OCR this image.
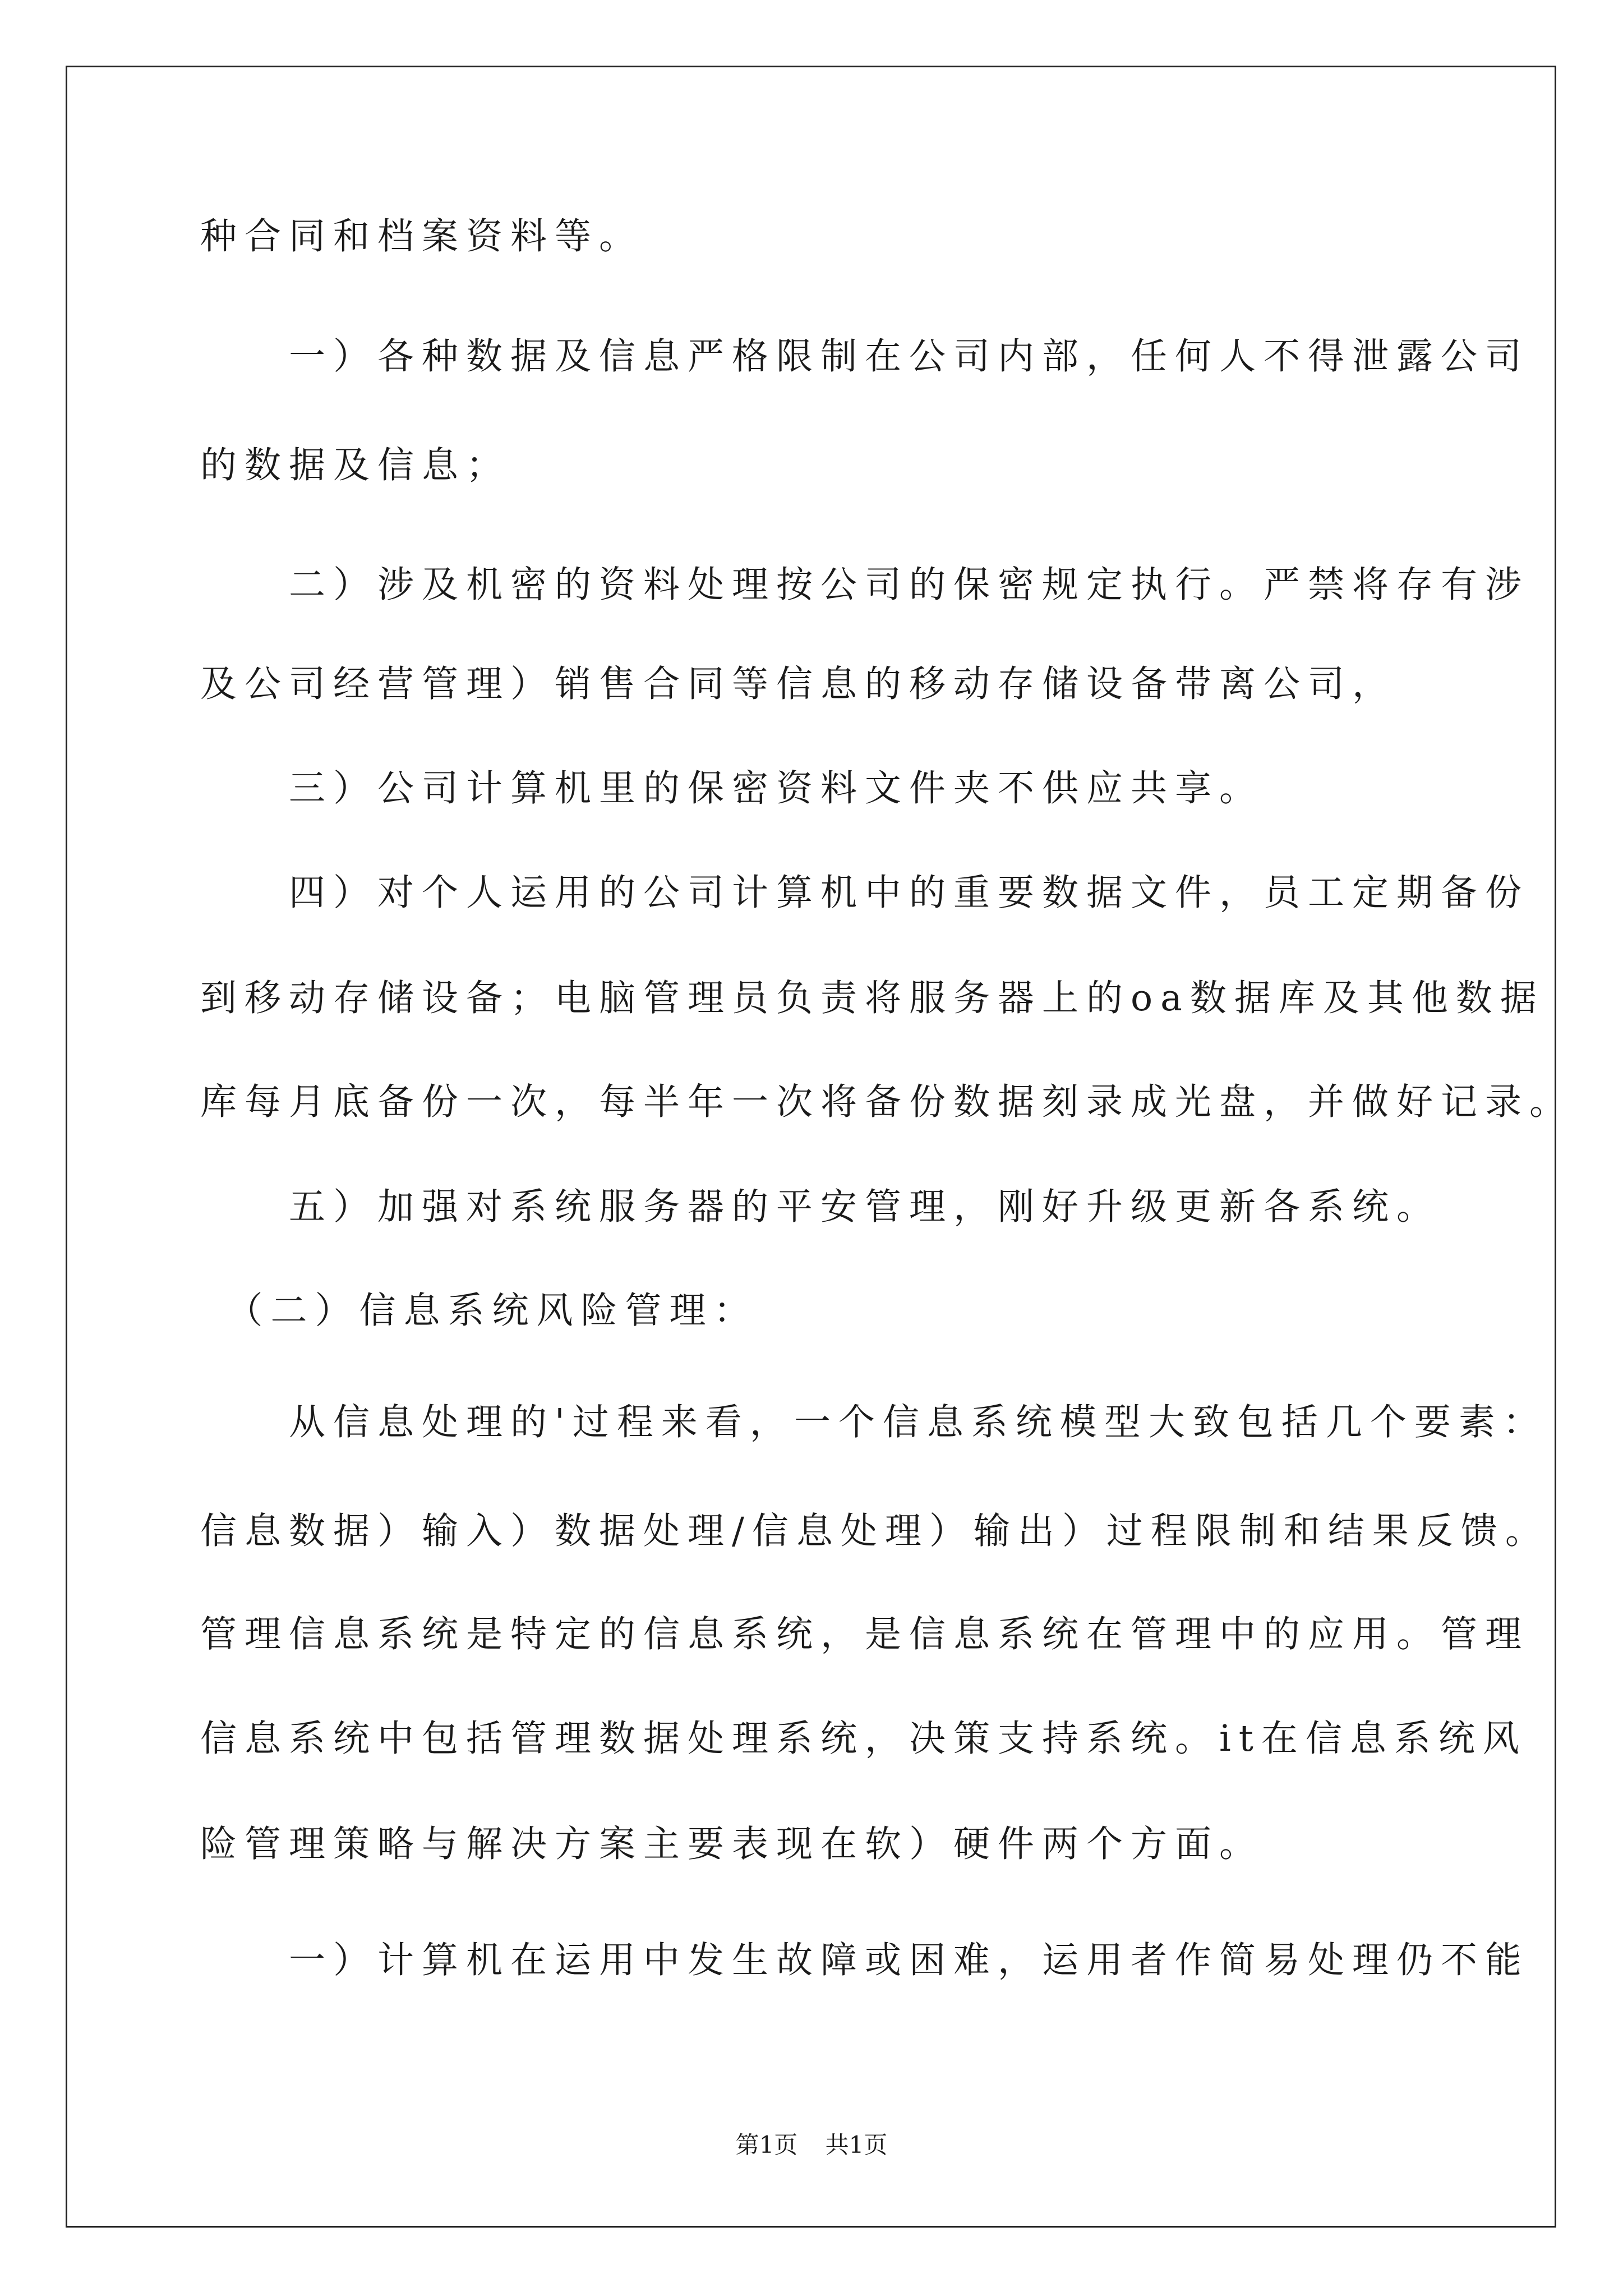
种合同和档案资料等。
　　一）各种数据及信息严格限制在公司内部，任何人不得泄露公司
的数据及信息；
　　二）涉及机密的资料处理按公司的保密规定执行。严禁将存有涉
及公司经营管理）销售合同等信息的移动存储设备带离公司，
　　三）公司计算机里的保密资料文件夹不供应共享。
　　四）对个人运用的公司计算机中的重要数据文件，员工定期备份
到移动存储设备；电脑管理员负责将服务器上的oa数据库及其他数据
库每月底备份一次，每半年一次将备份数据刻录成光盘，并做好记录。
　　五）加强对系统服务器的平安管理，刚好升级更新各系统。
　（二）信息系统风险管理：
　　从信息处理的'过程来看，一个信息系统模型大致包括几个要素：
信息数据）输入）数据处理/信息处理）输出）过程限制和结果反馈。
管理信息系统是特定的信息系统，是信息系统在管理中的应用。管理
信息系统中包括管理数据处理系统，决策支持系统。it在信息系统风
险管理策略与解决方案主要表现在软）硬件两个方面。
　　一）计算机在运用中发生故障或困难，运用者作简易处理仍不能
第1页 共1页
